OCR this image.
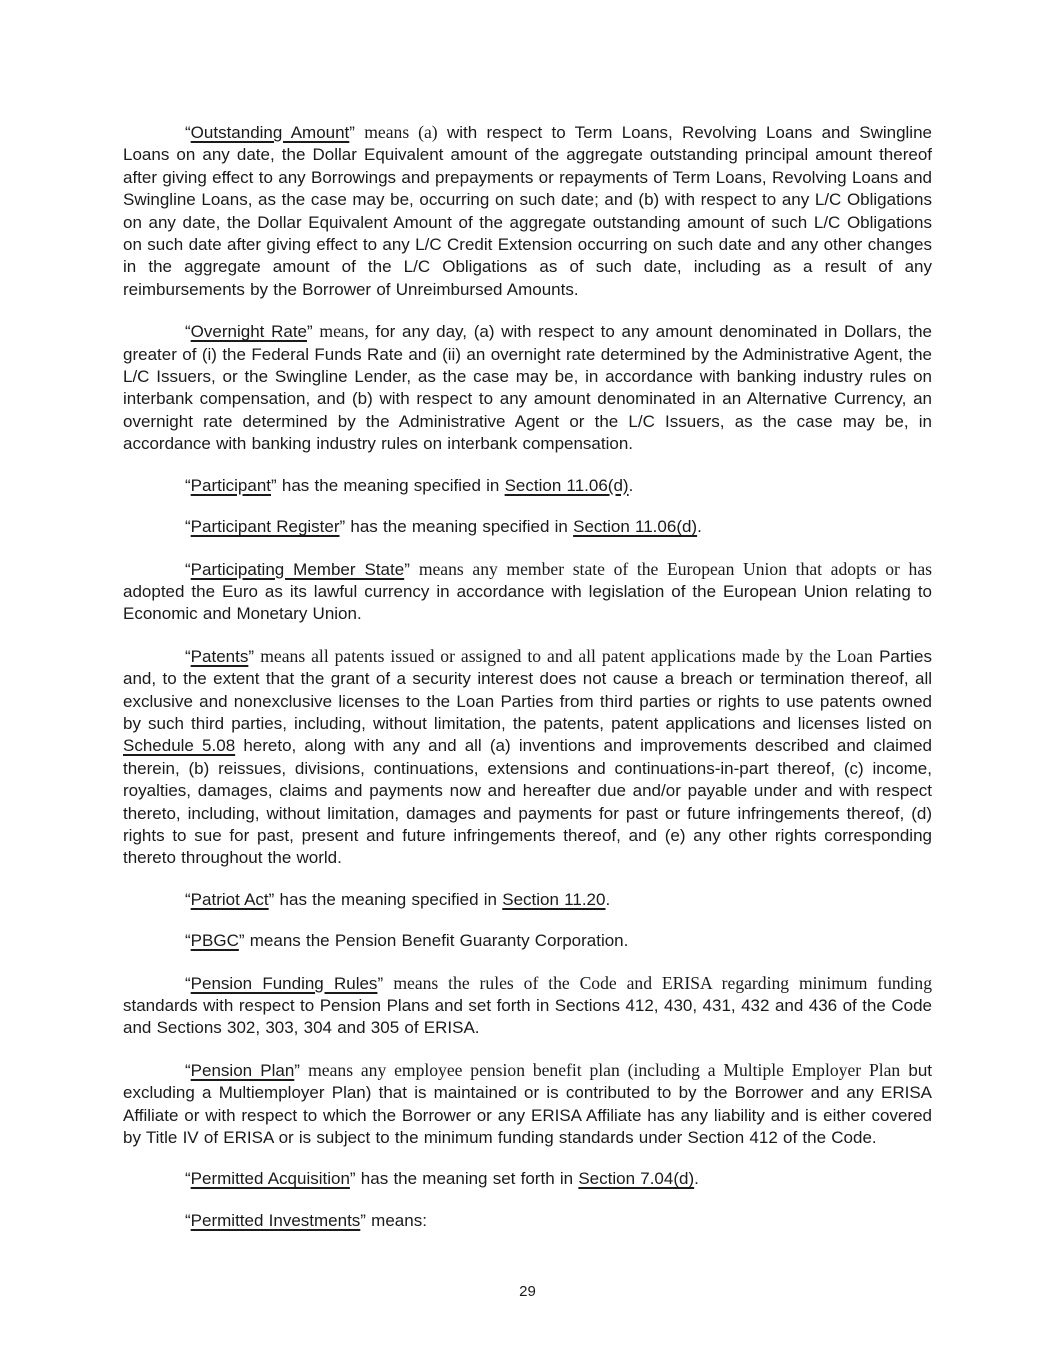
“Outstanding Amount” means (a) with respect to Term Loans, Revolving Loans and Swingline Loans on any date, the Dollar Equivalent amount of the aggregate outstanding principal amount thereof after giving effect to any Borrowings and prepayments or repayments of Term Loans, Revolving Loans and Swingline Loans, as the case may be, occurring on such date; and (b) with respect to any L/C Obligations on any date, the Dollar Equivalent Amount of the aggregate outstanding amount of such L/C Obligations on such date after giving effect to any L/C Credit Extension occurring on such date and any other changes in the aggregate amount of the L/C Obligations as of such date, including as a result of any reimbursements by the Borrower of Unreimbursed Amounts.

“Overnight Rate” means, for any day, (a) with respect to any amount denominated in Dollars, the greater of (i) the Federal Funds Rate and (ii) an overnight rate determined by the Administrative Agent, the L/C Issuers, or the Swingline Lender, as the case may be, in accordance with banking industry rules on interbank compensation, and (b) with respect to any amount denominated in an Alternative Currency, an overnight rate determined by the Administrative Agent or the L/C Issuers, as the case may be, in accordance with banking industry rules on interbank compensation.

“Participant” has the meaning specified in Section 11.06(d).

“Participant Register” has the meaning specified in Section 11.06(d).

“Participating Member State” means any member state of the European Union that adopts or has adopted the Euro as its lawful currency in accordance with legislation of the European Union relating to Economic and Monetary Union.

“Patents” means all patents issued or assigned to and all patent applications made by the Loan Parties and, to the extent that the grant of a security interest does not cause a breach or termination thereof, all exclusive and nonexclusive licenses to the Loan Parties from third parties or rights to use patents owned by such third parties, including, without limitation, the patents, patent applications and licenses listed on Schedule 5.08 hereto, along with any and all (a) inventions and improvements described and claimed therein, (b) reissues, divisions, continuations, extensions and continuations-in-part thereof, (c) income, royalties, damages, claims and payments now and hereafter due and/or payable under and with respect thereto, including, without limitation, damages and payments for past or future infringements thereof, (d) rights to sue for past, present and future infringements thereof, and (e) any other rights corresponding thereto throughout the world.

“Patriot Act” has the meaning specified in Section 11.20.

“PBGC” means the Pension Benefit Guaranty Corporation.

“Pension Funding Rules” means the rules of the Code and ERISA regarding minimum funding standards with respect to Pension Plans and set forth in Sections 412, 430, 431, 432 and 436 of the Code and Sections 302, 303, 304 and 305 of ERISA.

“Pension Plan” means any employee pension benefit plan (including a Multiple Employer Plan but excluding a Multiemployer Plan) that is maintained or is contributed to by the Borrower and any ERISA Affiliate or with respect to which the Borrower or any ERISA Affiliate has any liability and is either covered by Title IV of ERISA or is subject to the minimum funding standards under Section 412 of the Code.

“Permitted Acquisition” has the meaning set forth in Section 7.04(d).

“Permitted Investments” means:

29
